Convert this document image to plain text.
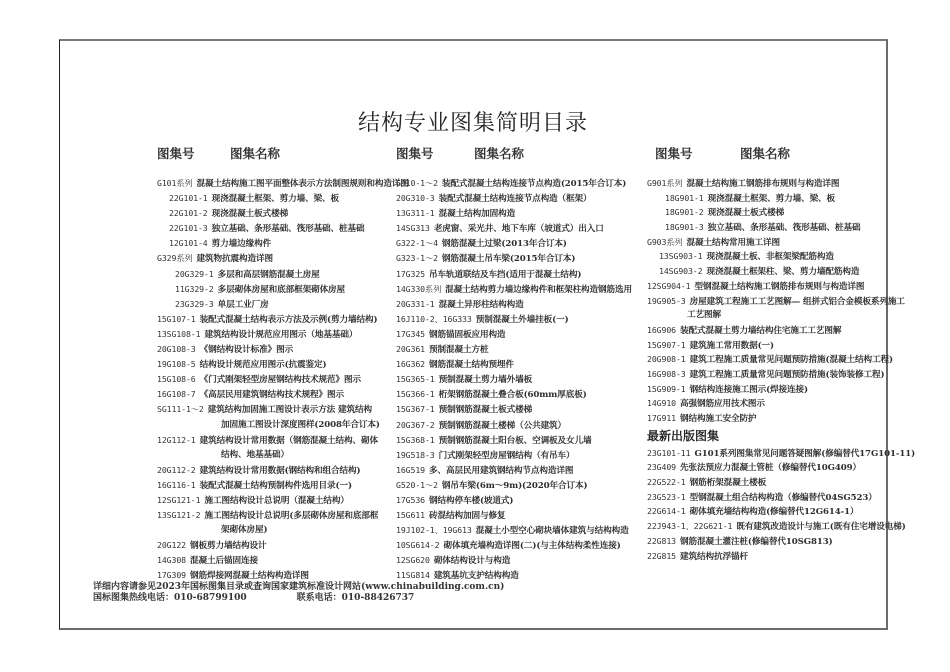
结构专业图集简明目录
图集号	图集名称
G101系列 混凝土结构施工图平面整体表示方法制图规则和构造详图
22G101-1 现浇混凝土框架、剪力墙、梁、板
22G101-2 现浇混凝土板式楼梯
22G101-3 独立基础、条形基础、筏形基础、桩基础
12G101-4 剪力墙边缘构件
G329系列 建筑物抗震构造详图
20G329-1 多层和高层钢筋混凝土房屋
11G329-2 多层砌体房屋和底部框架砌体房屋
23G329-3 单层工业厂房
15G107-1 装配式混凝土结构表示方法及示例(剪力墙结构)
13SG108-1 建筑结构设计规范应用图示（地基基础）
20G108-3 《钢结构设计标准》图示
19G108-5 结构设计规范应用图示(抗震鉴定)
15G108-6 《门式刚架轻型房屋钢结构技术规范》图示
16G108-7 《高层民用建筑钢结构技术规程》图示
SG111-1～2 建筑结构加固施工图设计表示方法 建筑结构
加固施工图设计深度图样(2008年合订本)
12G112-1 建筑结构设计常用数据（钢筋混凝土结构、砌体
结构、地基基础）
20G112-2 建筑结构设计常用数据(钢结构和组合结构)
16G116-1 装配式混凝土结构预制构件选用目录(一)
12SG121-1 施工图结构设计总说明（混凝土结构）
13SG121-2 施工图结构设计总说明(多层砌体房屋和底部框
架砌体房屋)
20G122 钢板剪力墙结构设计
14G308 混凝土后锚固连接
17G309 钢筋焊接网混凝土结构构造详图
图集号	图集名称
G310-1～2 装配式混凝土结构连接节点构造(2015年合订本)
20G310-3 装配式混凝土结构连接节点构造（框架）
13G311-1 混凝土结构加固构造
14SG313 老虎窗、采光井、地下车库（坡道式）出入口
G322-1～4 钢筋混凝土过梁(2013年合订本)
G323-1～2 钢筋混凝土吊车梁(2015年合订本)
17G325 吊车轨道联结及车挡(适用于混凝土结构)
14G330系列 混凝土结构剪力墙边缘构件和框架柱构造钢筋选用
20G331-1 混凝土异形柱结构构造
16J110-2、16G333 预制混凝土外墙挂板(一)
17G345 钢筋锚固板应用构造
20G361 预制混凝土方桩
16G362 钢筋混凝土结构预埋件
15G365-1 预制混凝土剪力墙外墙板
15G366-1 桁架钢筋混凝土叠合板(60mm厚底板)
15G367-1 预制钢筋混凝土板式楼梯
20G367-2 预制钢筋混凝土楼梯（公共建筑）
15G368-1 预制钢筋混凝土阳台板、空调板及女儿墙
19G518-3 门式刚架轻型房屋钢结构（有吊车）
16G519 多、高层民用建筑钢结构节点构造详图
G520-1～2 钢吊车梁(6m～9m)(2020年合订本)
17G536 钢结构停车楼(坡道式)
15G611 砖混结构加固与修复
19J102-1、19G613 混凝土小型空心砌块墙体建筑与结构构造
10SG614-2 砌体填充墙构造详图(二)(与主体结构柔性连接)
12SG620 砌体结构设计与构造
11SG814 建筑基坑支护结构构造
图集号	图集名称
G901系列 混凝土结构施工钢筋排布规则与构造详图
18G901-1 现浇混凝土框架、剪力墙、梁、板
18G901-2 现浇混凝土板式楼梯
18G901-3 独立基础、条形基础、筏形基础、桩基础
G903系列 混凝土结构常用施工详图
13SG903-1 现浇混凝土板、非框架梁配筋构造
14SG903-2 现浇混凝土框架柱、梁、剪力墙配筋构造
12SG904-1 型钢混凝土结构施工钢筋排布规则与构造详图
19G905-3 房屋建筑工程施工工艺图解— 组拼式铝合金模板系列施工
工艺图解
16G906 装配式混凝土剪力墙结构住宅施工工艺图解
15G907-1 建筑施工常用数据(一)
20G908-1 建筑工程施工质量常见问题预防措施(混凝土结构工程)
16G908-3 建筑工程施工质量常见问题预防措施(装饰装修工程)
15G909-1 钢结构连接施工图示(焊接连接)
14G910 高强钢筋应用技术图示
17G911 钢结构施工安全防护
最新出版图集
23G101-11 G101系列图集常见问题答疑图解(修编替代17G101-11)
23G409 先张法预应力混凝土管桩（修编替代10G409）
22G522-1 钢筋桁架混凝土楼板
23G523-1 型钢混凝土组合结构构造（修编替代04SG523）
22G614-1 砌体填充墙结构构造(修编替代12G614-1）
22J943-1、22G621-1 既有建筑改造设计与施工(既有住宅增设电梯)
22G813 钢筋混凝土灌注桩(修编替代10SG813)
22G815 建筑结构抗浮锚杆
详细内容请参见2023年国标图集目录或查询国家建筑标准设计网站(www.chinabuilding.com.cn)
国标图集热线电话：010-68799100	联系电话：010-88426737
